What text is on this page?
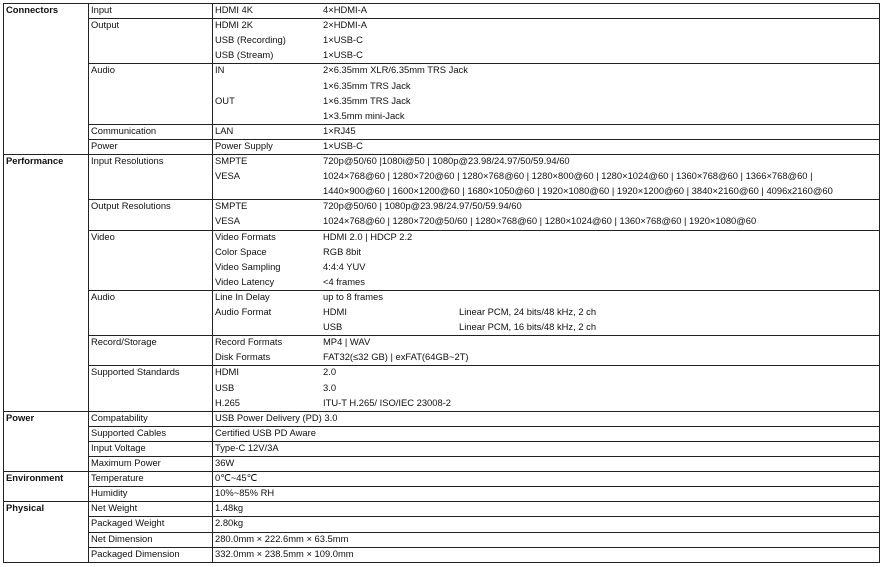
Connectors	Input	HDMI 4K	4×HDMI-A
Output	HDMI 2K	2×HDMI-A
USB (Recording)	1×USB-C
USB (Stream)	1×USB-C
Audio	IN	2×6.35mm XLR/6.35mm TRS Jack
1×6.35mm TRS Jack
OUT	1×6.35mm TRS Jack
1×3.5mm mini-Jack
Communication	LAN	1×RJ45
Power	Power Supply	1×USB-C
Performance	Input Resolutions	SMPTE	720p@50/60 |1080i@50 | 1080p@23.98/24.97/50/59.94/60
VESA	1024×768@60 | 1280×720@60 | 1280×768@60 | 1280×800@60 | 1280×1024@60 | 1360×768@60 | 1366×768@60 |
1440×900@60 | 1600×1200@60 | 1680×1050@60 | 1920×1080@60 | 1920×1200@60 | 3840×2160@60 | 4096x2160@60
Output Resolutions	SMPTE	720p@50/60 | 1080p@23.98/24.97/50/59.94/60
VESA	1024×768@60 | 1280×720@50/60 | 1280×768@60 | 1280×1024@60 | 1360×768@60 | 1920×1080@60
Video	Video Formats	HDMI 2.0 | HDCP 2.2
Color Space	RGB 8bit
Video Sampling	4:4:4 YUV
Video Latency	<4 frames
Audio	Line In Delay	up to 8 frames
Audio Format	HDMI	Linear PCM, 24 bits/48 kHz, 2 ch
USB	Linear PCM, 16 bits/48 kHz, 2 ch
Record/Storage	Record Formats	MP4 | WAV
Disk Formats	FAT32(≤32 GB) | exFAT(64GB~2T)
Supported Standards	HDMI	2.0
USB	3.0
H.265	ITU-T H.265/ ISO/IEC 23008-2
Power	Compatability	USB Power Delivery (PD) 3.0
Supported Cables	Certified USB PD Aware
Input Voltage	Type-C 12V/3A
Maximum Power	36W
Environment	Temperature	0℃~45℃
Humidity	10%~85% RH
Physical	Net Weight	1.48kg
Packaged Weight	2.80kg
Net Dimension	280.0mm × 222.6mm × 63.5mm
Packaged Dimension	332.0mm × 238.5mm × 109.0mm
